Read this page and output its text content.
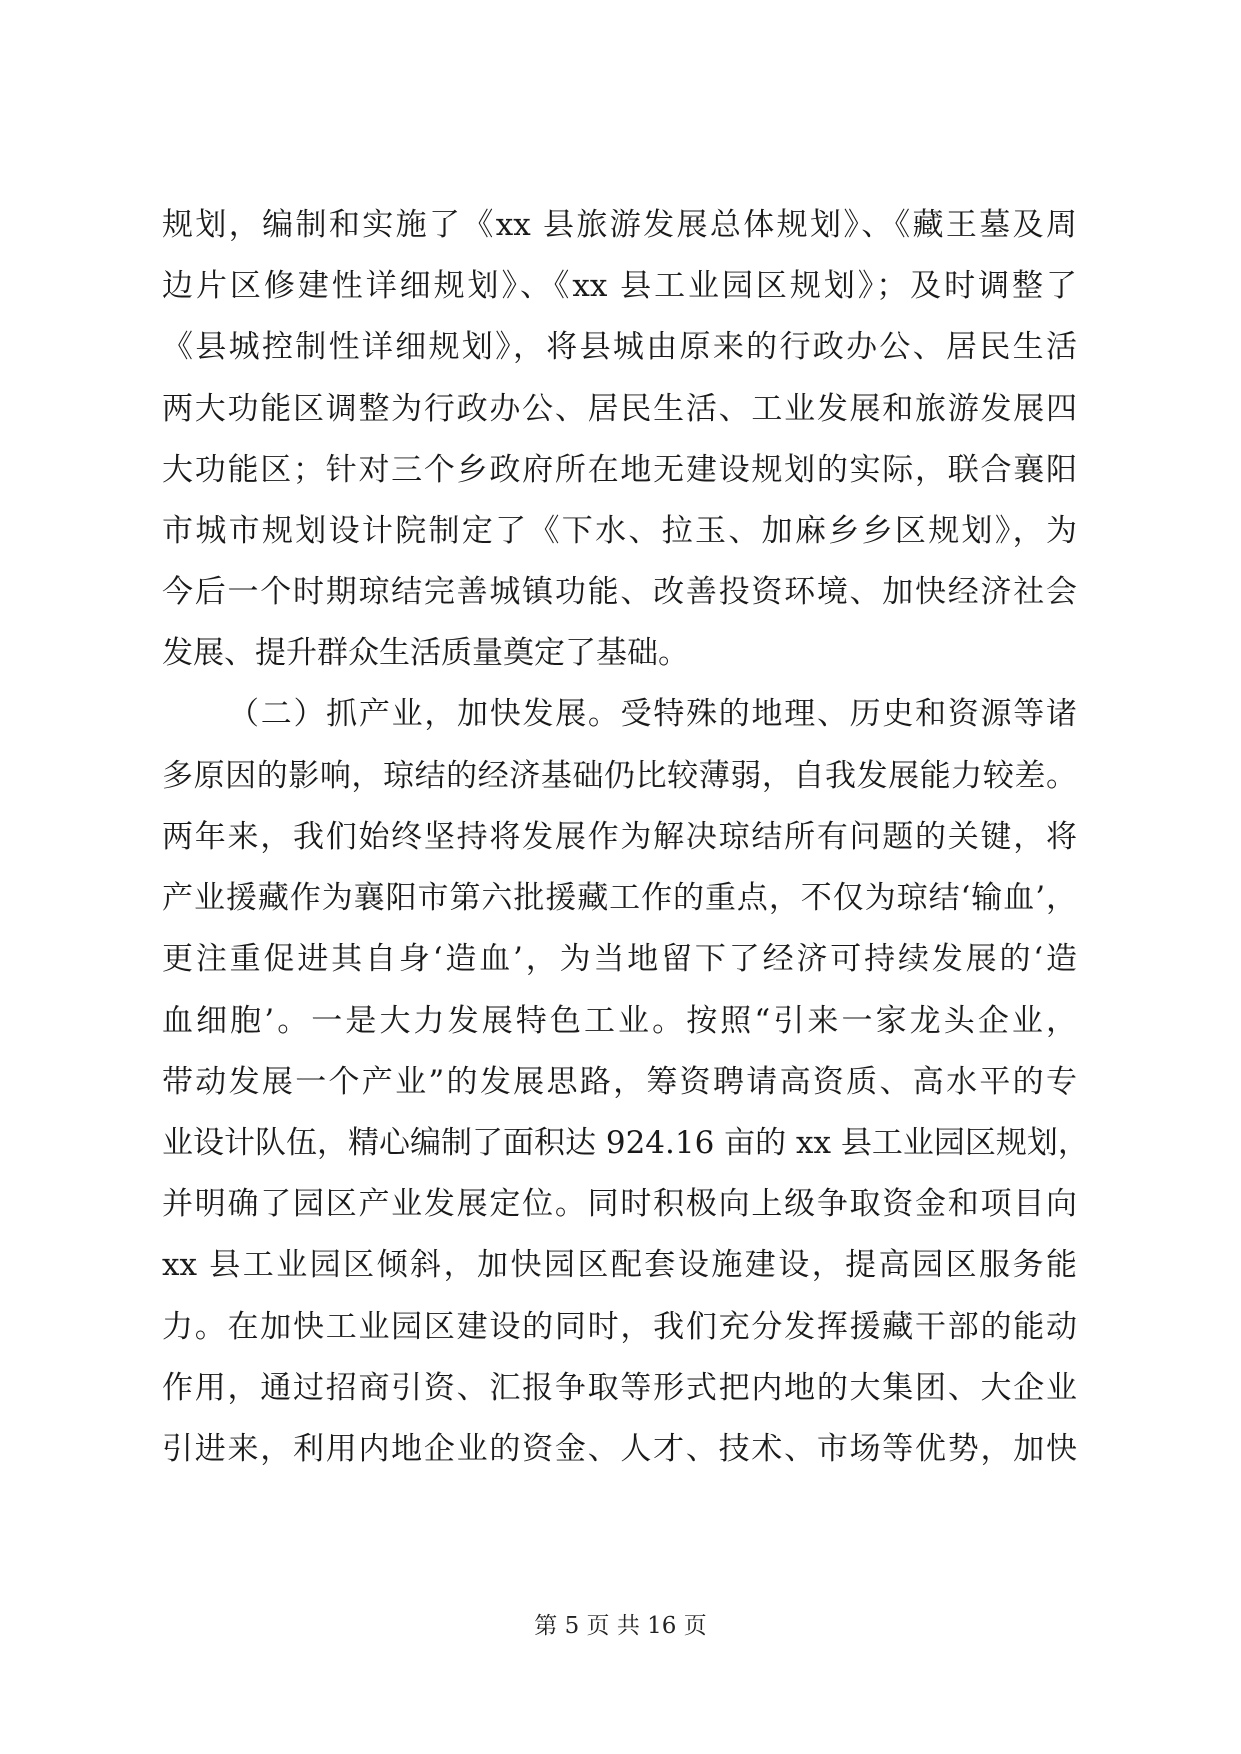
规划，编制和实施了《xx 县旅游发展总体规划》、《藏王墓及周
边片区修建性详细规划》、《xx 县工业园区规划》；及时调整了
《县城控制性详细规划》，将县城由原来的行政办公、居民生活
两大功能区调整为行政办公、居民生活、工业发展和旅游发展四
大功能区；针对三个乡政府所在地无建设规划的实际，联合襄阳
市城市规划设计院制定了《下水、拉玉、加麻乡乡区规划》，为
今后一个时期琼结完善城镇功能、改善投资环境、加快经济社会
发展、提升群众生活质量奠定了基础。
（二）抓产业，加快发展。受特殊的地理、历史和资源等诸
多原因的影响，琼结的经济基础仍比较薄弱，自我发展能力较差。
两年来，我们始终坚持将发展作为解决琼结所有问题的关键，将
产业援藏作为襄阳市第六批援藏工作的重点，不仅为琼结‘输血’，
更注重促进其自身‘造血’，为当地留下了经济可持续发展的‘造
血细胞’。一是大力发展特色工业。按照“引来一家龙头企业，
带动发展一个产业”的发展思路，筹资聘请高资质、高水平的专
业设计队伍，精心编制了面积达 924.16 亩的 xx 县工业园区规划，
并明确了园区产业发展定位。同时积极向上级争取资金和项目向
xx 县工业园区倾斜，加快园区配套设施建设，提高园区服务能
力。在加快工业园区建设的同时，我们充分发挥援藏干部的能动
作用，通过招商引资、汇报争取等形式把内地的大集团、大企业
引进来，利用内地企业的资金、人才、技术、市场等优势，加快
第 5 页 共 16 页
